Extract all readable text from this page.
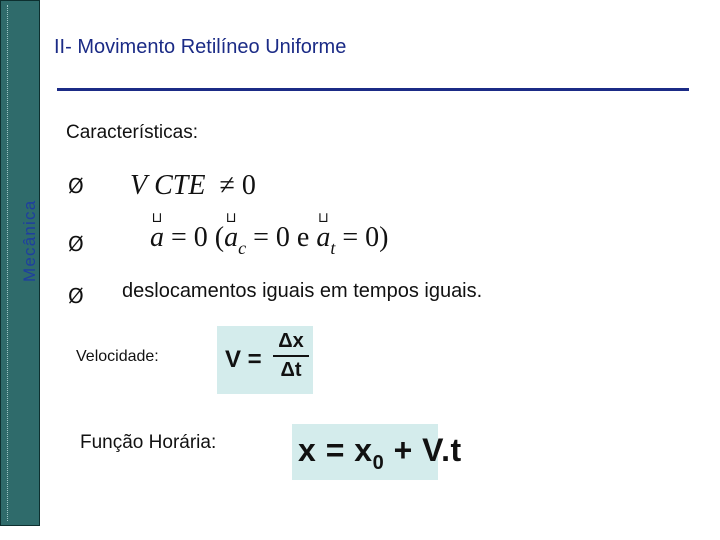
Mecânica
II- Movimento Retilíneo Uniforme
Características:
Ø V CTE ≠ 0
Ø
⊔
a = 0 (
⊔
$a_c = 0$ e
⊔
$a_t = 0$)
Ø deslocamentos iguais em tempos iguais.
Velocidade:	V =
Δx
Δt
Função Horária:	$x = x_0 + V.t$
